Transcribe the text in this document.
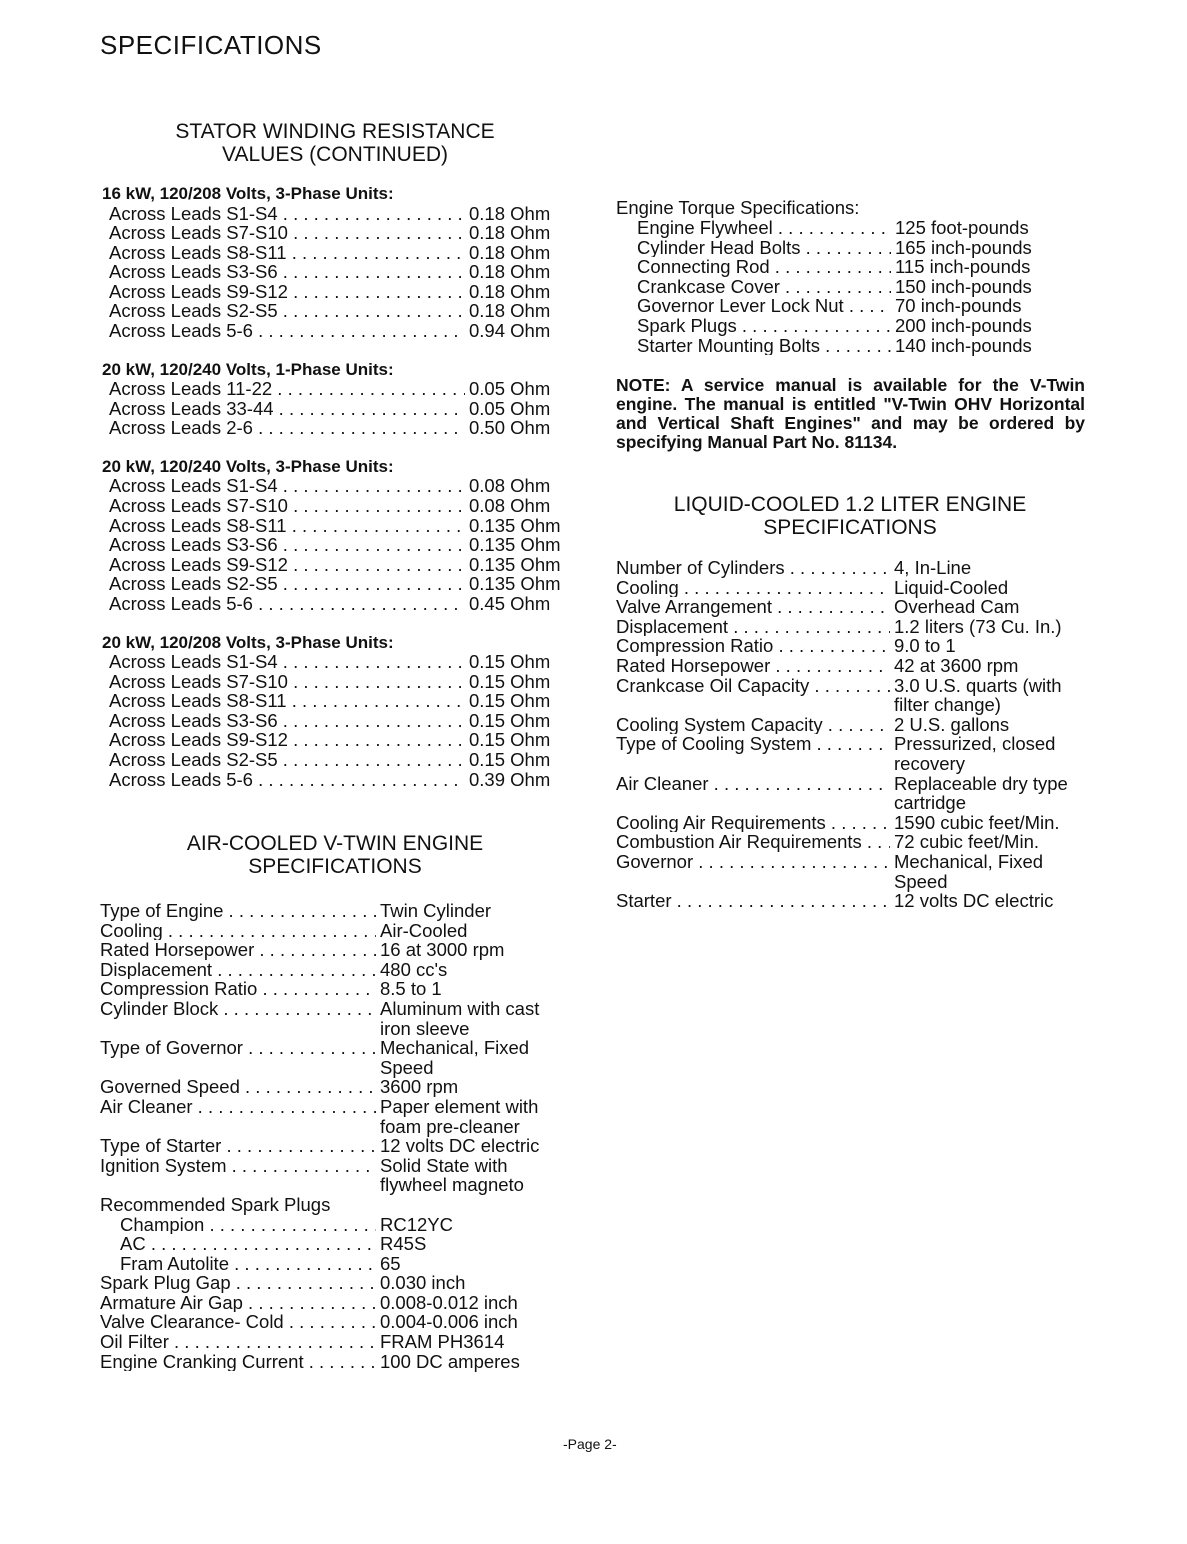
SPECIFICATIONS
STATOR WINDING RESISTANCE
VALUES (CONTINUED)
16 kW, 120/208 Volts, 3-Phase Units:
Across Leads S1-S4 . . .	0.18 Ohm
Across Leads S7-S10 . . .	0.18 Ohm
Across Leads S8-S11 . . .	0.18 Ohm
Across Leads S3-S6 . . .	0.18 Ohm
Across Leads S9-S12 . . .	0.18 Ohm
Across Leads S2-S5 . . .	0.18 Ohm
Across Leads 5-6 . . .	0.94 Ohm
20 kW, 120/240 Volts, 1-Phase Units:
Across Leads 11-22 . . .	0.05 Ohm
Across Leads 33-44 . . .	0.05 Ohm
Across Leads 2-6 . . .	0.50 Ohm
20 kW, 120/240 Volts, 3-Phase Units:
Across Leads S1-S4 . . .	0.08 Ohm
Across Leads S7-S10 . . .	0.08 Ohm
Across Leads S8-S11 . . .	0.135 Ohm
Across Leads S3-S6 . . .	0.135 Ohm
Across Leads S9-S12 . . .	0.135 Ohm
Across Leads S2-S5 . . .	0.135 Ohm
Across Leads 5-6 . . .	0.45 Ohm
20 kW, 120/208 Volts, 3-Phase Units:
Across Leads S1-S4 . . .	0.15 Ohm
Across Leads S7-S10 . . .	0.15 Ohm
Across Leads S8-S11 . . .	0.15 Ohm
Across Leads S3-S6 . . .	0.15 Ohm
Across Leads S9-S12 . . .	0.15 Ohm
Across Leads S2-S5 . . .	0.15 Ohm
Across Leads 5-6 . . .	0.39 Ohm
AIR-COOLED V-TWIN ENGINE
SPECIFICATIONS
Type of Engine . . .	Twin Cylinder
Cooling . . .	Air-Cooled
Rated Horsepower . . .	16 at 3000 rpm
Displacement . . .	480 cc's
Compression Ratio . . .	8.5 to 1
Cylinder Block . . .	Aluminum with cast iron sleeve
Type of Governor . . .	Mechanical, Fixed Speed
Governed Speed . . .	3600 rpm
Air Cleaner . . .	Paper element with foam pre-cleaner
Type of Starter . . .	12 volts DC electric
Ignition System . . .	Solid State with flywheel magneto
Recommended Spark Plugs
Champion . . .	RC12YC
AC . . .	R45S
Fram Autolite . . .	65
Spark Plug Gap . . .	0.030 inch
Armature Air Gap . . .	0.008-0.012 inch
Valve Clearance- Cold . . .	0.004-0.006 inch
Oil Filter . . .	FRAM PH3614
Engine Cranking Current . . .	100 DC amperes
Engine Torque Specifications:
Engine Flywheel . . .	125 foot-pounds
Cylinder Head Bolts . . .	165 inch-pounds
Connecting Rod . . .	115 inch-pounds
Crankcase Cover . . .	150 inch-pounds
Governor Lever Lock Nut . . .	70 inch-pounds
Spark Plugs . . .	200 inch-pounds
Starter Mounting Bolts . . .	140 inch-pounds
NOTE: A service manual is available for the V-Twin engine. The manual is entitled "V-Twin OHV Horizontal and Vertical Shaft Engines" and may be ordered by specifying Manual Part No. 81134.
LIQUID-COOLED 1.2 LITER ENGINE
SPECIFICATIONS
Number of Cylinders . . .	4, In-Line
Cooling . . .	Liquid-Cooled
Valve Arrangement . . .	Overhead Cam
Displacement . . .	1.2 liters (73 Cu. In.)
Compression Ratio . . .	9.0 to 1
Rated Horsepower . . .	42 at 3600 rpm
Crankcase Oil Capacity . . .	3.0 U.S. quarts (with filter change)
Cooling System Capacity . . .	2 U.S. gallons
Type of Cooling System . . .	Pressurized, closed recovery
Air Cleaner . . .	Replaceable dry type cartridge
Cooling Air Requirements . . .	1590 cubic feet/Min.
Combustion Air Requirements . . .	72 cubic feet/Min.
Governor . . .	Mechanical, Fixed Speed
Starter . . .	12 volts DC electric
-Page 2-
